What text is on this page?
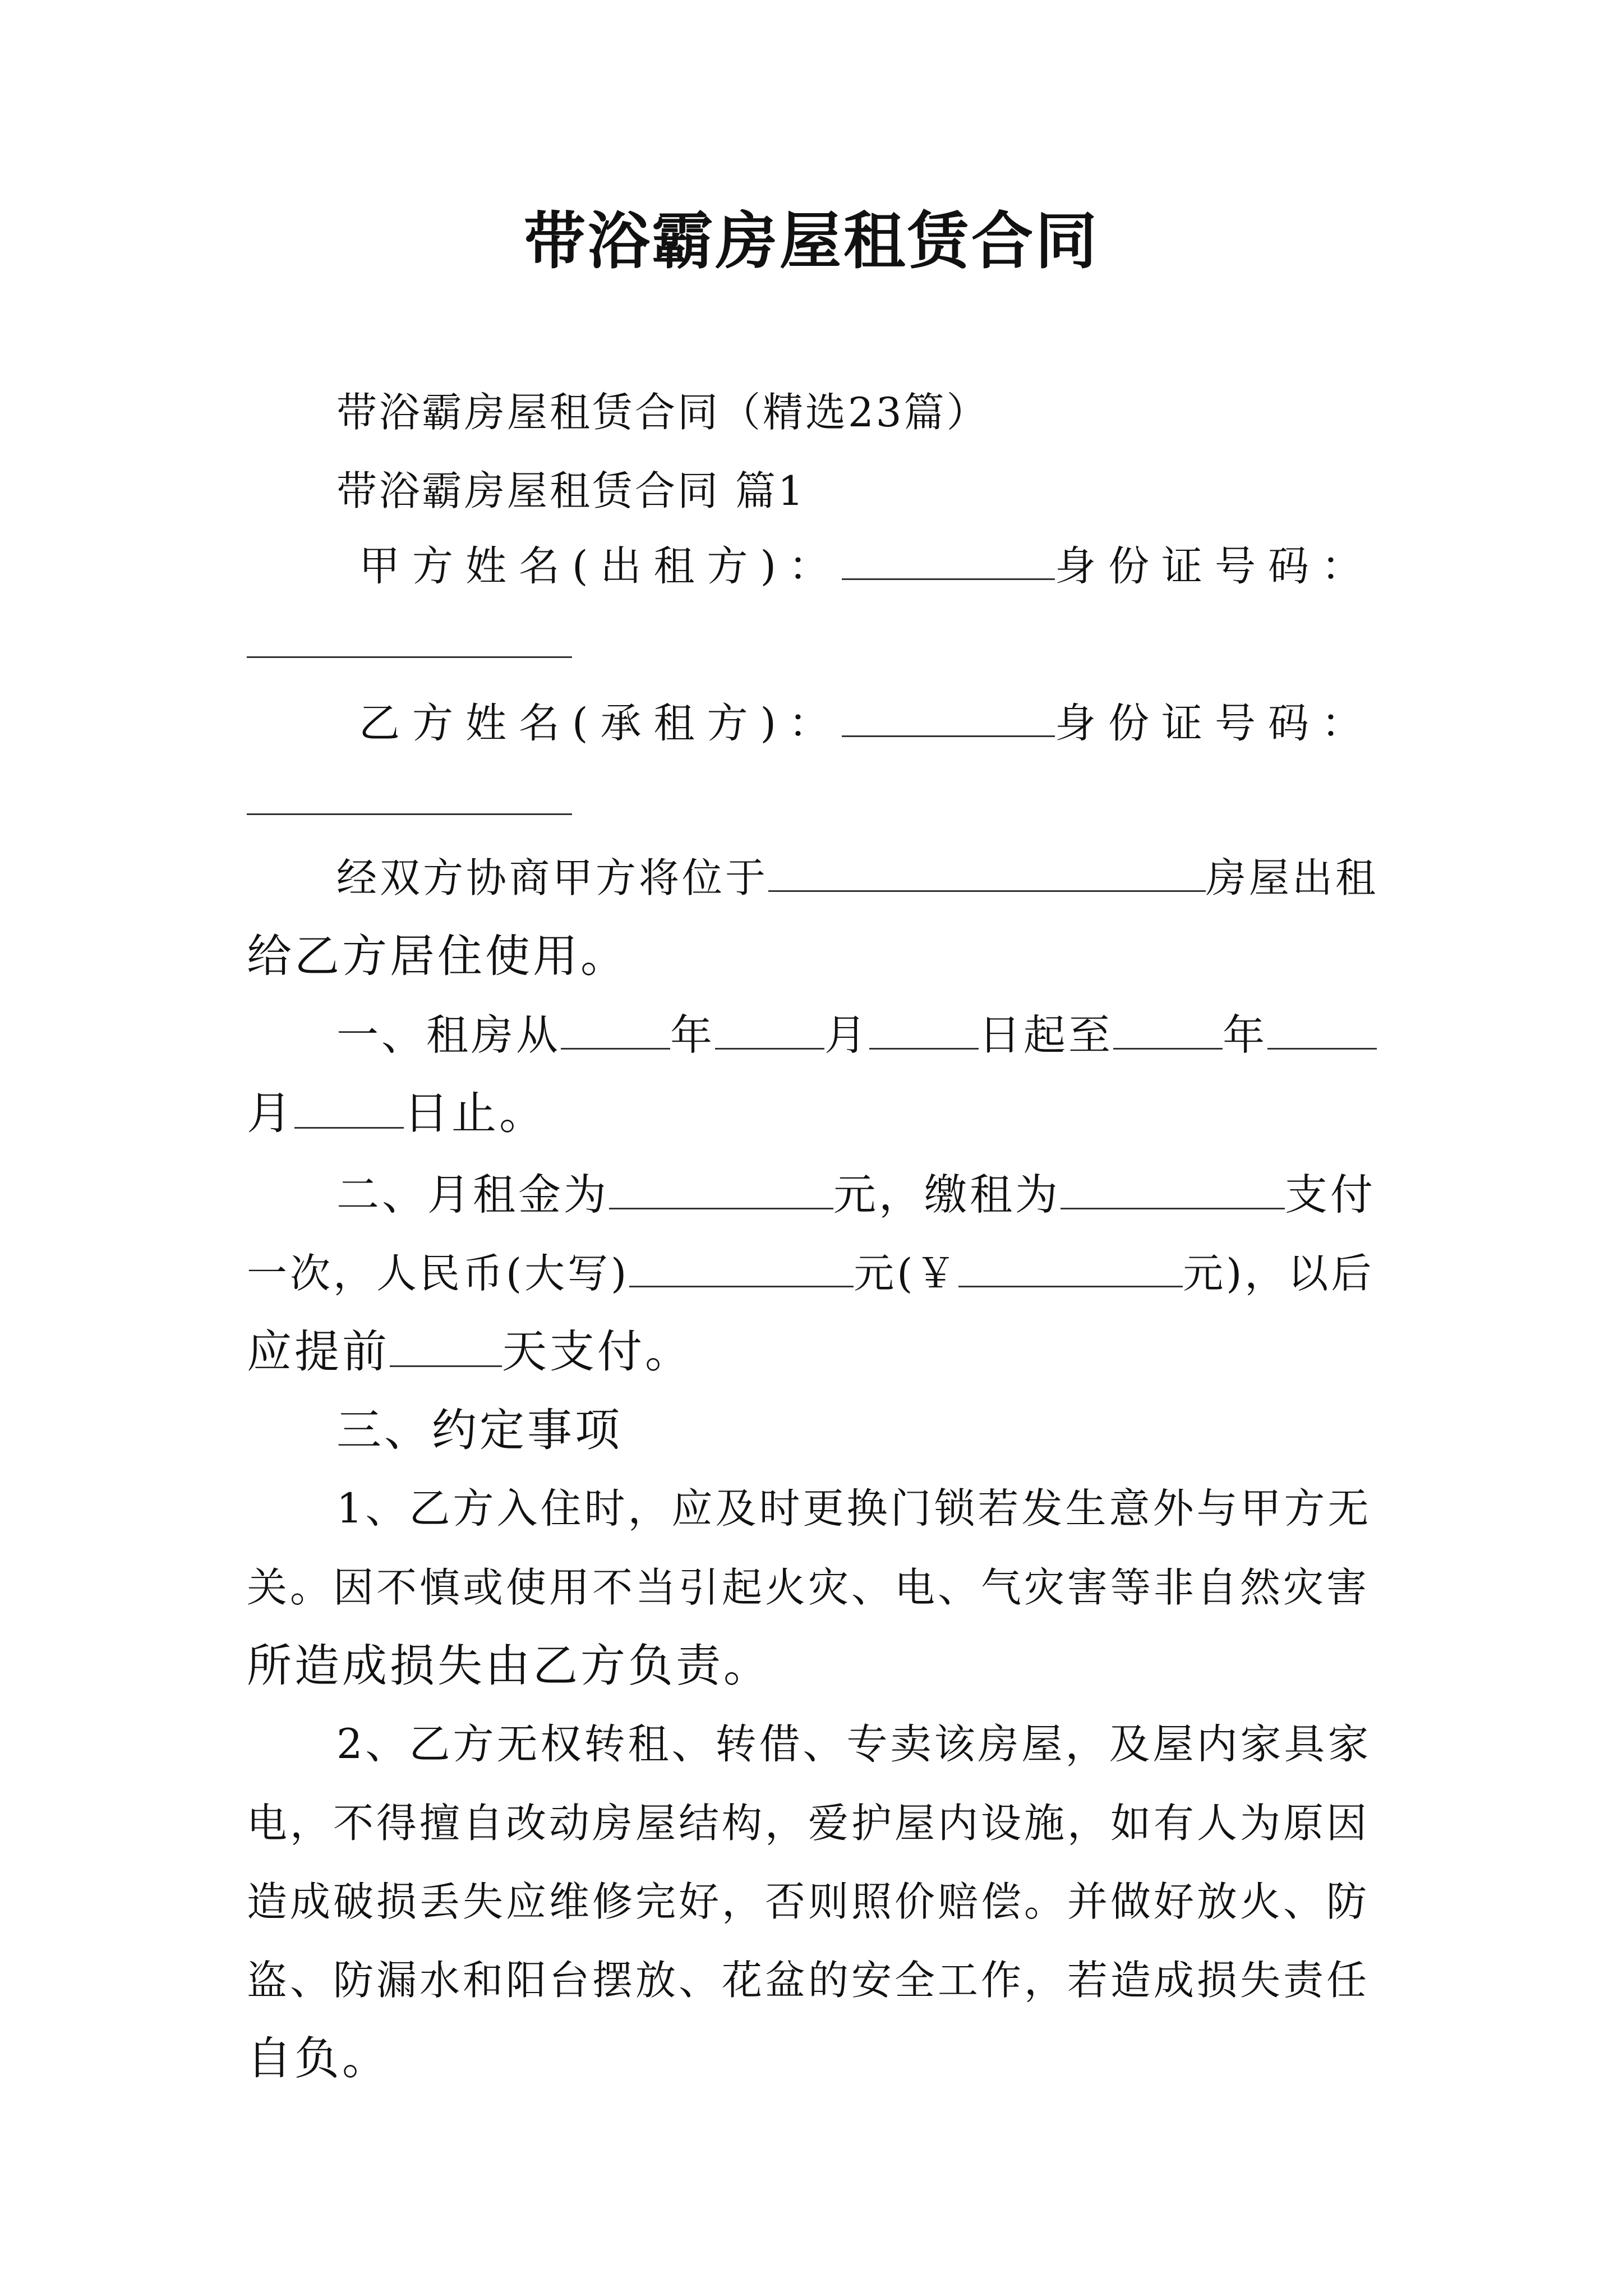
带浴霸房屋租赁合同
带浴霸房屋租赁合同（精选23篇）
带浴霸房屋租赁合同 篇1
甲方姓名(出租方)：	身份证号码：
乙方姓名(承租方)：	身份证号码：
经双方协商甲方将位于	房屋出租
给乙方居住使用。
一、租房从	年	月	日起至	年
月 日止。
二、月租金为	元，缴租为	支付
一次，人民币(大写)	元(￥	元)，以后
应提前	天支付。
三、约定事项
1、乙方入住时，应及时更换门锁若发生意外与甲方无
关。因不慎或使用不当引起火灾、电、气灾害等非自然灾害
所造成损失由乙方负责。
2、乙方无权转租、转借、专卖该房屋，及屋内家具家
电，不得擅自改动房屋结构，爱护屋内设施，如有人为原因
造成破损丢失应维修完好，否则照价赔偿。并做好放火、防
盗、防漏水和阳台摆放、花盆的安全工作，若造成损失责任
自负。
